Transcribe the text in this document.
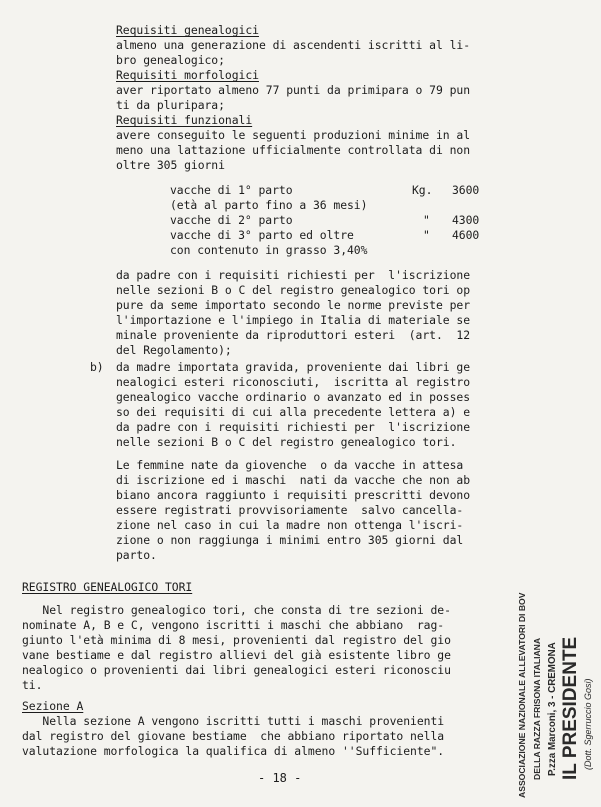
Requisiti genealogici
almeno una generazione di ascendenti iscritti al li-
bro genealogico;
Requisiti morfologici
aver riportato almeno 77 punti da primipara o 79 pun
ti da pluripara;
Requisiti funzionali
avere conseguito le seguenti produzioni minime in al
meno una lattazione ufficialmente controllata di non
oltre 305 giorni
vacche di 1° parto	Kg. 3600
(età al parto fino a 36 mesi)
vacche di 2° parto	" 4300
vacche di 3° parto ed oltre	" 4600
con contenuto in grasso 3,40%
da padre con i requisiti richiesti per  l'iscrizione
nelle sezioni B o C del registro genealogico tori op
pure da seme importato secondo le norme previste per
l'importazione e l'impiego in Italia di materiale se
minale proveniente da riproduttori esteri  (art.  12
del Regolamento);
b) da madre importata gravida, proveniente dai libri ge
nealogici esteri riconosciuti,  iscritta al registro
genealogico vacche ordinario o avanzato ed in posses
so dei requisiti di cui alla precedente lettera a) e
da padre con i requisiti richiesti per  l'iscrizione
nelle sezioni B o C del registro genealogico tori.
Le femmine nate da giovenche  o da vacche in attesa
di iscrizione ed i maschi  nati da vacche che non ab
biano ancora raggiunto i requisiti prescritti devono
essere registrati provvisoriamente  salvo cancella-
zione nel caso in cui la madre non ottenga l'iscri-
zione o non raggiunga i minimi entro 305 giorni dal
parto.
REGISTRO GENEALOGICO TORI
Nel registro genealogico tori, che consta di tre sezioni de-
nominate A, B e C, vengono iscritti i maschi che abbiano  rag-
giunto l'età minima di 8 mesi, provenienti dal registro del gio
vane bestiame e dal registro allievi del già esistente libro ge
nealogico o provenienti dai libri genealogici esteri riconosciu
ti.
Sezione A
Nella sezione A vengono iscritti tutti i maschi provenienti
dal registro del giovane bestiame  che abbiano riportato nella
valutazione morfologica la qualifica di almeno ''Sufficiente".
- 18 -	ASSOCIAZIONE NAZIONALE ALLEVATORI DI BOVINI DELLA RAZZA FRISONA ITALIANA P.zza Marconi, 3 - CREMONA IL PRESIDENTE (Dott. Sgerruccio Gosi)
